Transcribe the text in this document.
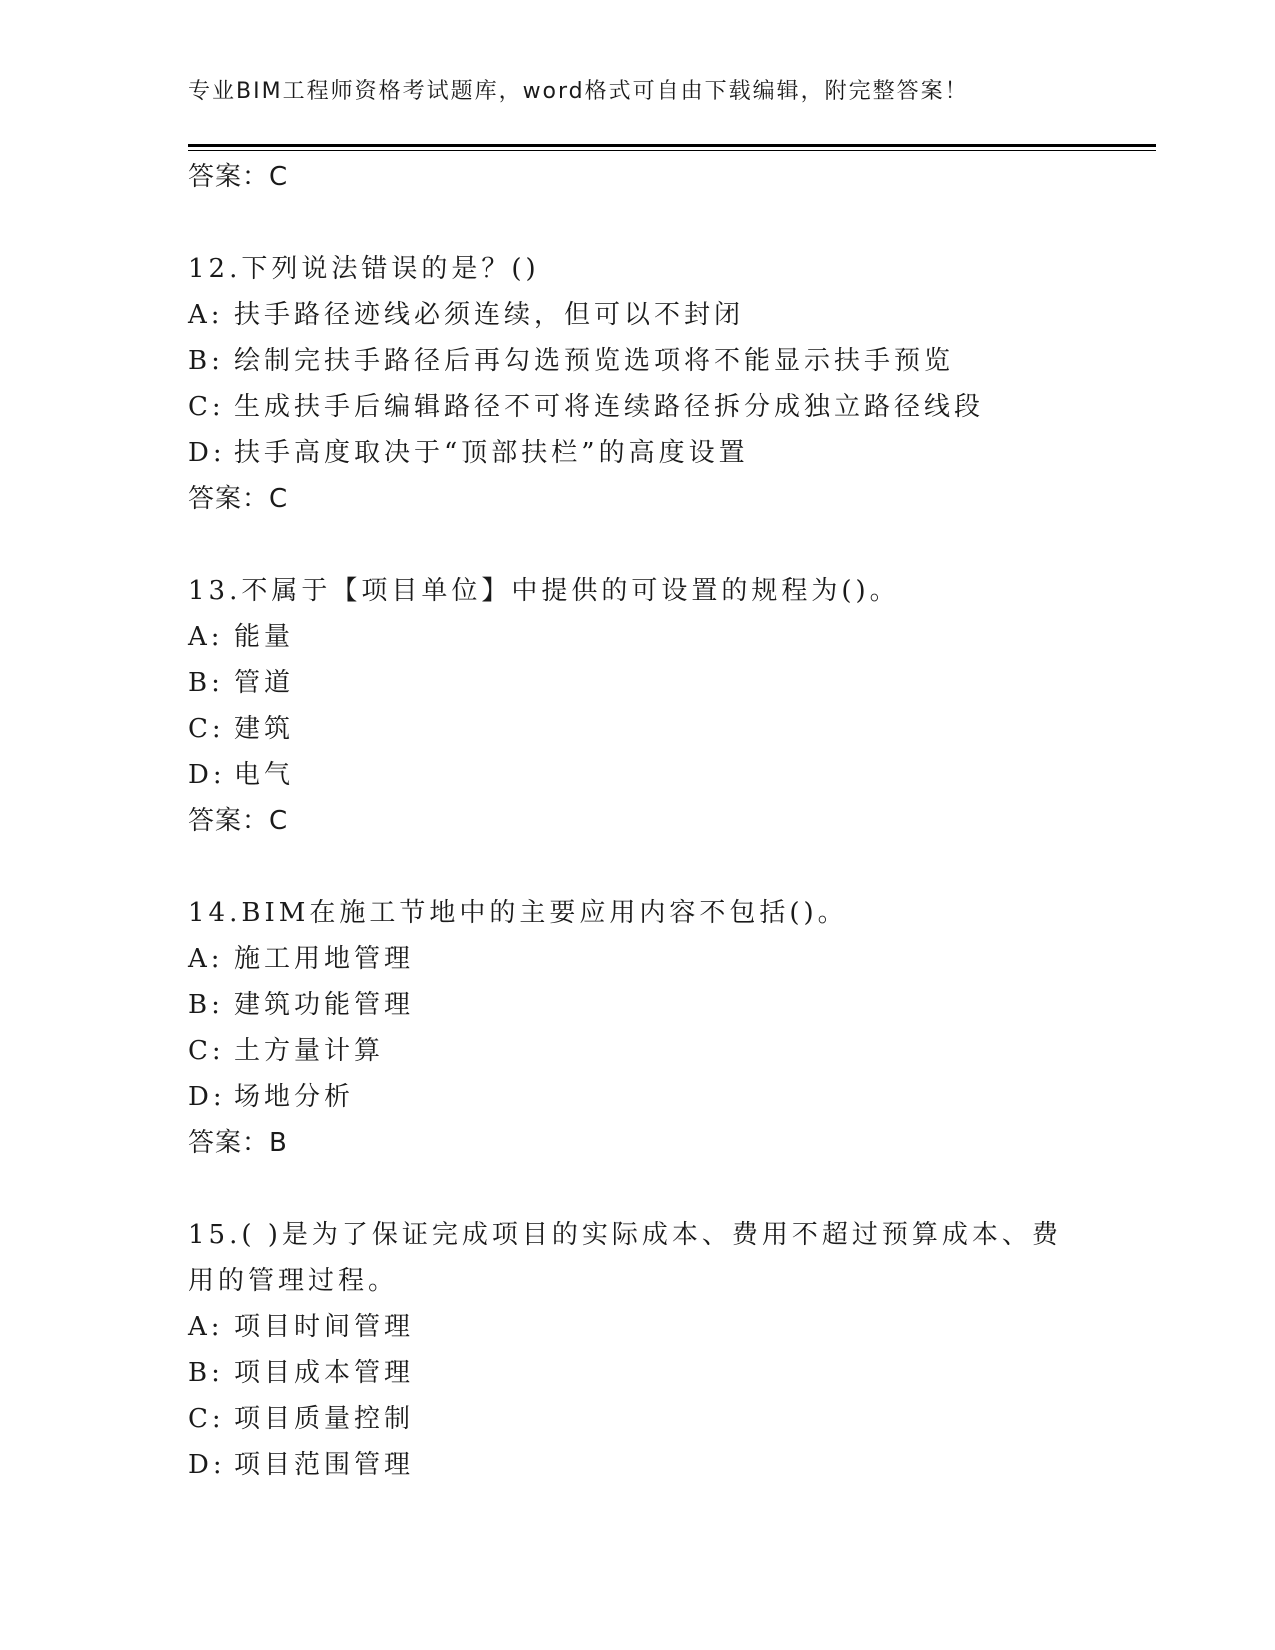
专业BIM工程师资格考试题库，word格式可自由下载编辑，附完整答案！
答案：C
12.下列说法错误的是？()
A: 扶手路径迹线必须连续，但可以不封闭
B: 绘制完扶手路径后再勾选预览选项将不能显示扶手预览
C: 生成扶手后编辑路径不可将连续路径拆分成独立路径线段
D: 扶手高度取决于“顶部扶栏”的高度设置
答案：C
13.不属于【项目单位】中提供的可设置的规程为()。
A: 能量
B: 管道
C: 建筑
D: 电气
答案：C
14.BIM在施工节地中的主要应用内容不包括()。
A: 施工用地管理
B: 建筑功能管理
C: 土方量计算
D: 场地分析
答案：B
15.( )是为了保证完成项目的实际成本、费用不超过预算成本、费用的管理过程。
A: 项目时间管理
B: 项目成本管理
C: 项目质量控制
D: 项目范围管理
